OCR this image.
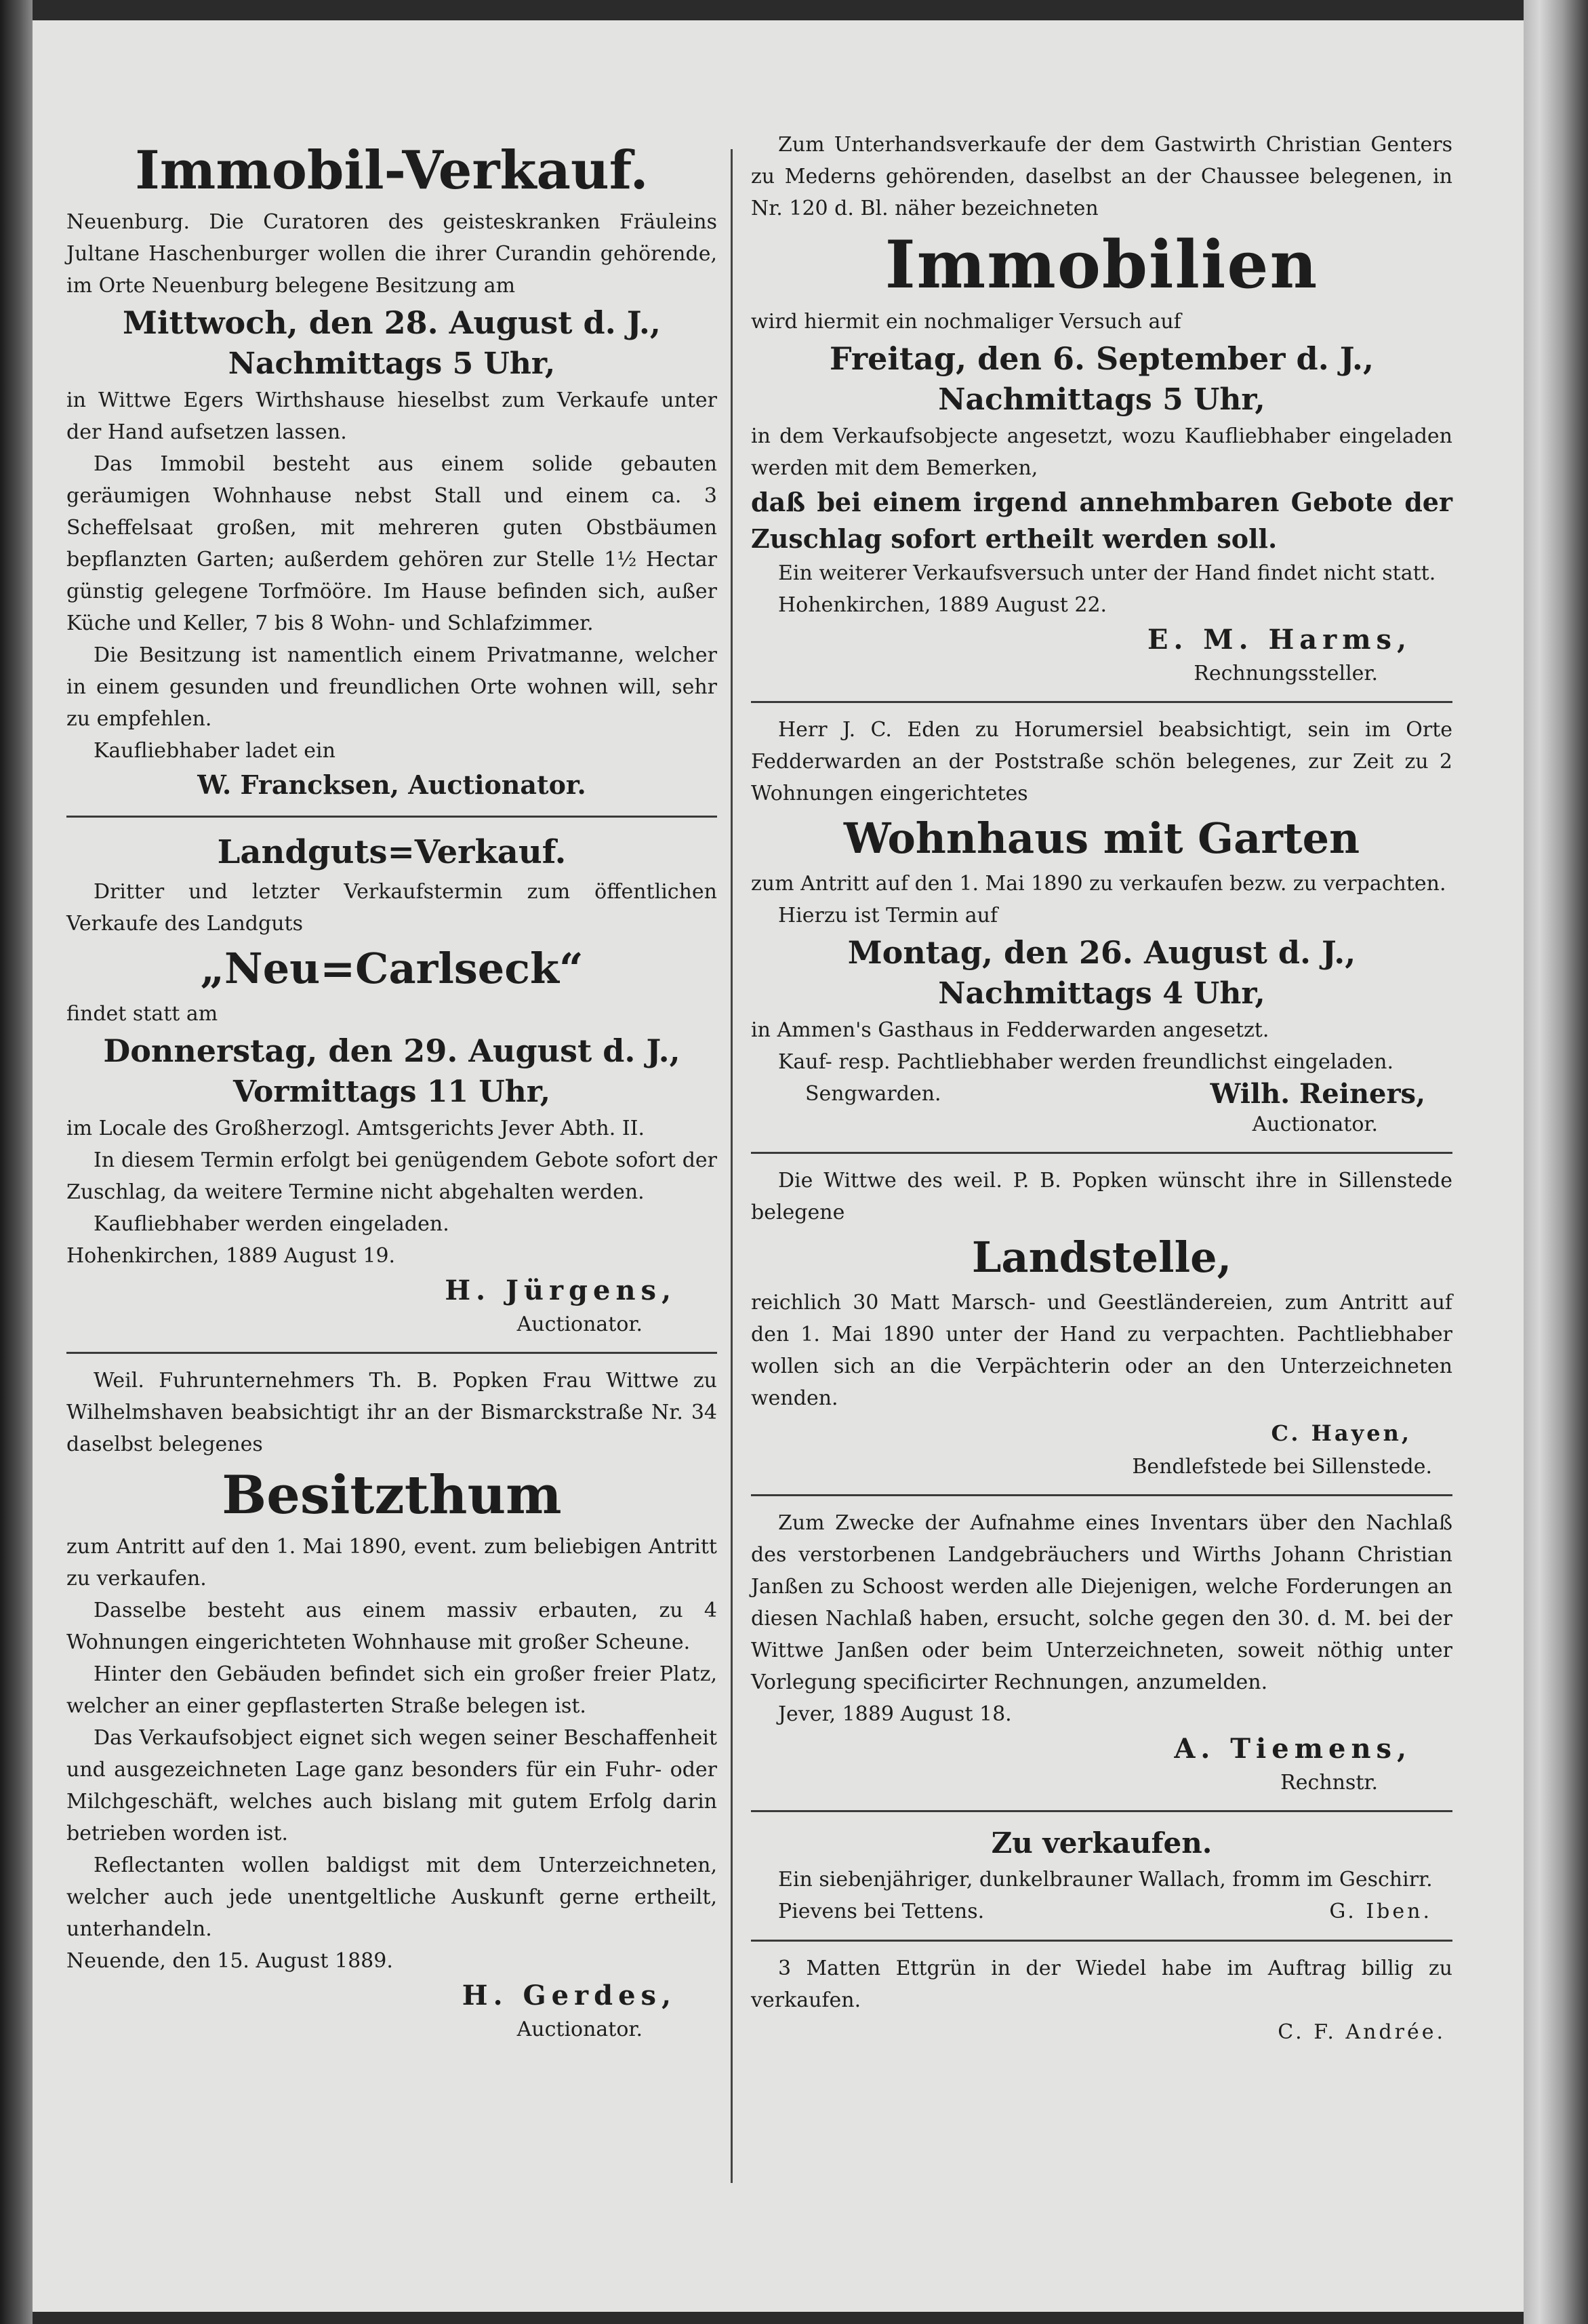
Immobil-Verkauf.

Neuenburg. Die Curatoren des geisteskranken Fräuleins Jultane Haschenburger wollen die ihrer Curandin gehörende, im Orte Neuenburg belegene Besitzung am

Mittwoch, den 28. August d. J.,
Nachmittags 5 Uhr,

in Wittwe Egers Wirthshause hieselbst zum Verkaufe unter der Hand aufsetzen lassen.

Das Immobil besteht aus einem solide gebauten geräumigen Wohnhause nebst Stall und einem ca. 3 Scheffelsaat großen, mit mehreren guten Obstbäumen bepflanzten Garten; außerdem gehören zur Stelle 1½ Hectar günstig gelegene Torfmööre. Im Hause befinden sich, außer Küche und Keller, 7 bis 8 Wohn- und Schlafzimmer.

Die Besitzung ist namentlich einem Privatmanne, welcher in einem gesunden und freundlichen Orte wohnen will, sehr zu empfehlen.

Kaufliebhaber ladet ein

W. Francksen, Auctionator.
Landguts=Verkauf.

Dritter und letzter Verkaufstermin zum öffentlichen Verkaufe des Landguts

„Neu=Carlseck“

findet statt am

Donnerstag, den 29. August d. J.,
Vormittags 11 Uhr,

im Locale des Großherzogl. Amtsgerichts Jever Abth. II.

In diesem Termin erfolgt bei genügendem Gebote sofort der Zuschlag, da weitere Termine nicht abgehalten werden.

Kaufliebhaber werden eingeladen.

Hohenkirchen, 1889 August 19.

H. Jürgens,
Auctionator.

Weil. Fuhrunternehmers Th. B. Popken Frau Wittwe zu Wilhelmshaven beabsichtigt ihr an der Bismarckstraße Nr. 34 daselbst belegenes

Besitzthum

zum Antritt auf den 1. Mai 1890, event. zum beliebigen Antritt zu verkaufen.

Dasselbe besteht aus einem massiv erbauten, zu 4 Wohnungen eingerichteten Wohnhause mit großer Scheune.

Hinter den Gebäuden befindet sich ein großer freier Platz, welcher an einer gepflasterten Straße belegen ist.

Das Verkaufsobject eignet sich wegen seiner Beschaffenheit und ausgezeichneten Lage ganz besonders für ein Fuhr- oder Milchgeschäft, welches auch bislang mit gutem Erfolg darin betrieben worden ist.

Reflectanten wollen baldigst mit dem Unterzeichneten, welcher auch jede unentgeltliche Auskunft gerne ertheilt, unterhandeln.

Neuende, den 15. August 1889.

H. Gerdes,
Auctionator.

Zum Unterhandsverkaufe der dem Gastwirth Christian Genters zu Mederns gehörenden, daselbst an der Chaussee belegenen, in Nr. 120 d. Bl. näher bezeichneten

Immobilien

wird hiermit ein nochmaliger Versuch auf

Freitag, den 6. September d. J.,
Nachmittags 5 Uhr,

in dem Verkaufsobjecte angesetzt, wozu Kaufliebhaber eingeladen werden mit dem Bemerken,

daß bei einem irgend annehmbaren Gebote der Zuschlag sofort ertheilt werden soll.

Ein weiterer Verkaufsversuch unter der Hand findet nicht statt.

Hohenkirchen, 1889 August 22.

E. M. Harms,
Rechnungssteller.

Herr J. C. Eden zu Horumersiel beabsichtigt, sein im Orte Fedderwarden an der Poststraße schön belegenes, zur Zeit zu 2 Wohnungen eingerichtetes

Wohnhaus mit Garten

zum Antritt auf den 1. Mai 1890 zu verkaufen bezw. zu verpachten.

Hierzu ist Termin auf

Montag, den 26. August d. J.,
Nachmittags 4 Uhr,

in Ammen's Gasthaus in Fedderwarden angesetzt.

Kauf- resp. Pachtliebhaber werden freundlichst eingeladen.

Sengwarden.	Wilh. Reiners,
Auctionator.

Die Wittwe des weil. P. B. Popken wünscht ihre in Sillenstede belegene

Landstelle,

reichlich 30 Matt Marsch- und Geestländereien, zum Antritt auf den 1. Mai 1890 unter der Hand zu verpachten. Pachtliebhaber wollen sich an die Verpächterin oder an den Unterzeichneten wenden.

C. Hayen,
Bendlefstede bei Sillenstede.

Zum Zwecke der Aufnahme eines Inventars über den Nachlaß des verstorbenen Landgebräuchers und Wirths Johann Christian Janßen zu Schoost werden alle Diejenigen, welche Forderungen an diesen Nachlaß haben, ersucht, solche gegen den 30. d. M. bei der Wittwe Janßen oder beim Unterzeichneten, soweit nöthig unter Vorlegung specificirter Rechnungen, anzumelden.

Jever, 1889 August 18.

A. Tiemens,
Rechnstr.
Zu verkaufen.

Ein siebenjähriger, dunkelbrauner Wallach, fromm im Geschirr.

Pievens bei Tettens.	G. Iben.

3 Matten Ettgrün in der Wiedel habe im Auftrag billig zu verkaufen.

C. F. Andrée.
